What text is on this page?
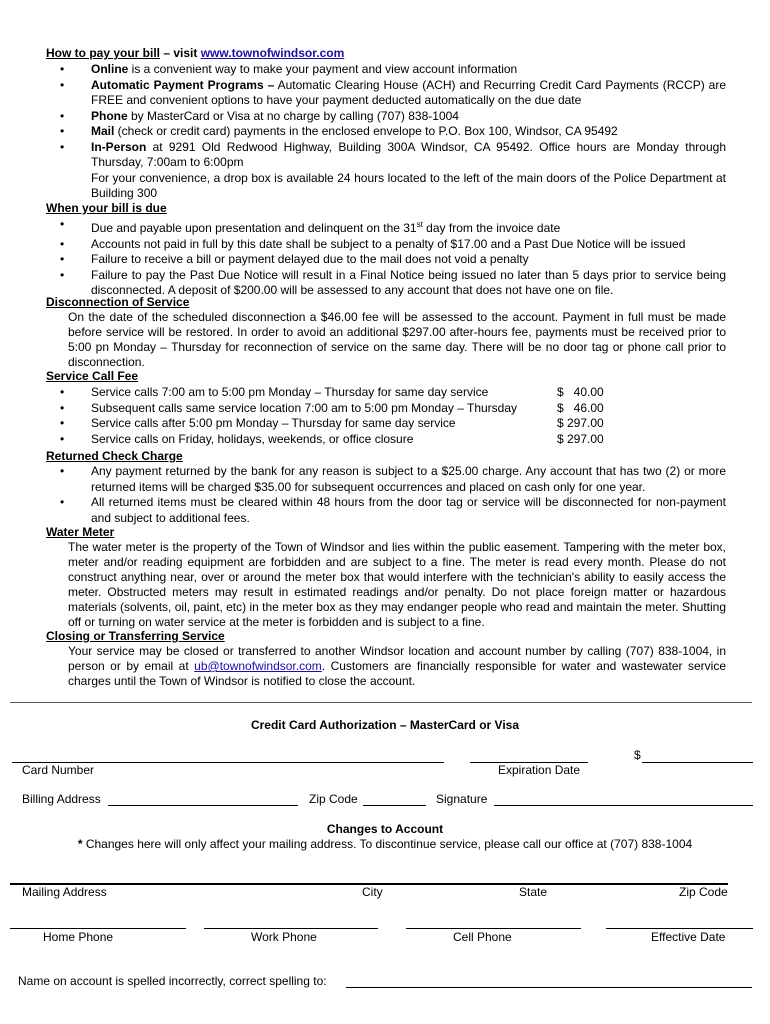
How to pay your bill – visit www.townofwindsor.com
• Online is a convenient way to make your payment and view account information
• Automatic Payment Programs – Automatic Clearing House (ACH) and Recurring Credit Card Payments (RCCP) are FREE and convenient options to have your payment deducted automatically on the due date
• Phone by MasterCard or Visa at no charge by calling (707) 838-1004
• Mail (check or credit card) payments in the enclosed envelope to P.O. Box 100, Windsor, CA 95492
• In-Person at 9291 Old Redwood Highway, Building 300A Windsor, CA 95492. Office hours are Monday through Thursday, 7:00am to 6:00pm

For your convenience, a drop box is available 24 hours located to the left of the main doors of the Police Department at Building 300

When your bill is due
• Due and payable upon presentation and delinquent on the 31st day from the invoice date
• Accounts not paid in full by this date shall be subject to a penalty of $17.00 and a Past Due Notice will be issued
• Failure to receive a bill or payment delayed due to the mail does not void a penalty
• Failure to pay the Past Due Notice will result in a Final Notice being issued no later than 5 days prior to service being disconnected. A deposit of $200.00 will be assessed to any account that does not have one on file.
Disconnection of Service

On the date of the scheduled disconnection a $46.00 fee will be assessed to the account. Payment in full must be made before service will be restored. In order to avoid an additional $297.00 after-hours fee, payments must be received prior to 5:00 pn Monday – Thursday for reconnection of service on the same day. There will be no door tag or phone call prior to disconnection.

Service Call Fee
• Service calls 7:00 am to 5:00 pm Monday – Thursday for same day service	$   40.00
• Subsequent calls same service location 7:00 am to 5:00 pm Monday – Thursday	$   46.00
• Service calls after 5:00 pm Monday – Thursday for same day service	$ 297.00
• Service calls on Friday, holidays, weekends, or office closure	$ 297.00
Returned Check Charge
• Any payment returned by the bank for any reason is subject to a $25.00 charge. Any account that has two (2) or more returned items will be charged $35.00 for subsequent occurrences and placed on cash only for one year.
• All returned items must be cleared within 48 hours from the door tag or service will be disconnected for non-payment and subject to additional fees.
Water Meter

The water meter is the property of the Town of Windsor and lies within the public easement. Tampering with the meter box, meter and/or reading equipment are forbidden and are subject to a fine. The meter is read every month. Please do not construct anything near, over or around the meter box that would interfere with the technician's ability to easily access the meter. Obstructed meters may result in estimated readings and/or penalty. Do not place foreign matter or hazardous materials (solvents, oil, paint, etc) in the meter box as they may endanger people who read and maintain the meter. Shutting off or turning on water service at the meter is forbidden and is subject to a fine.

Closing or Transferring Service

Your service may be closed or transferred to another Windsor location and account number by calling (707) 838-1004, in person or by email at ub@townofwindsor.com. Customers are financially responsible for water and wastewater service charges until the Town of Windsor is notified to close the account.

Credit Card Authorization – MasterCard or Visa
$
Card Number	Expiration Date
Billing Address	Zip Code	Signature
Changes to Account
* Changes here will only affect your mailing address. To discontinue service, please call our office at (707) 838-1004
Mailing Address	City	State	Zip Code
Home Phone	Work Phone	Cell Phone	Effective Date
Name on account is spelled incorrectly, correct spelling to:
